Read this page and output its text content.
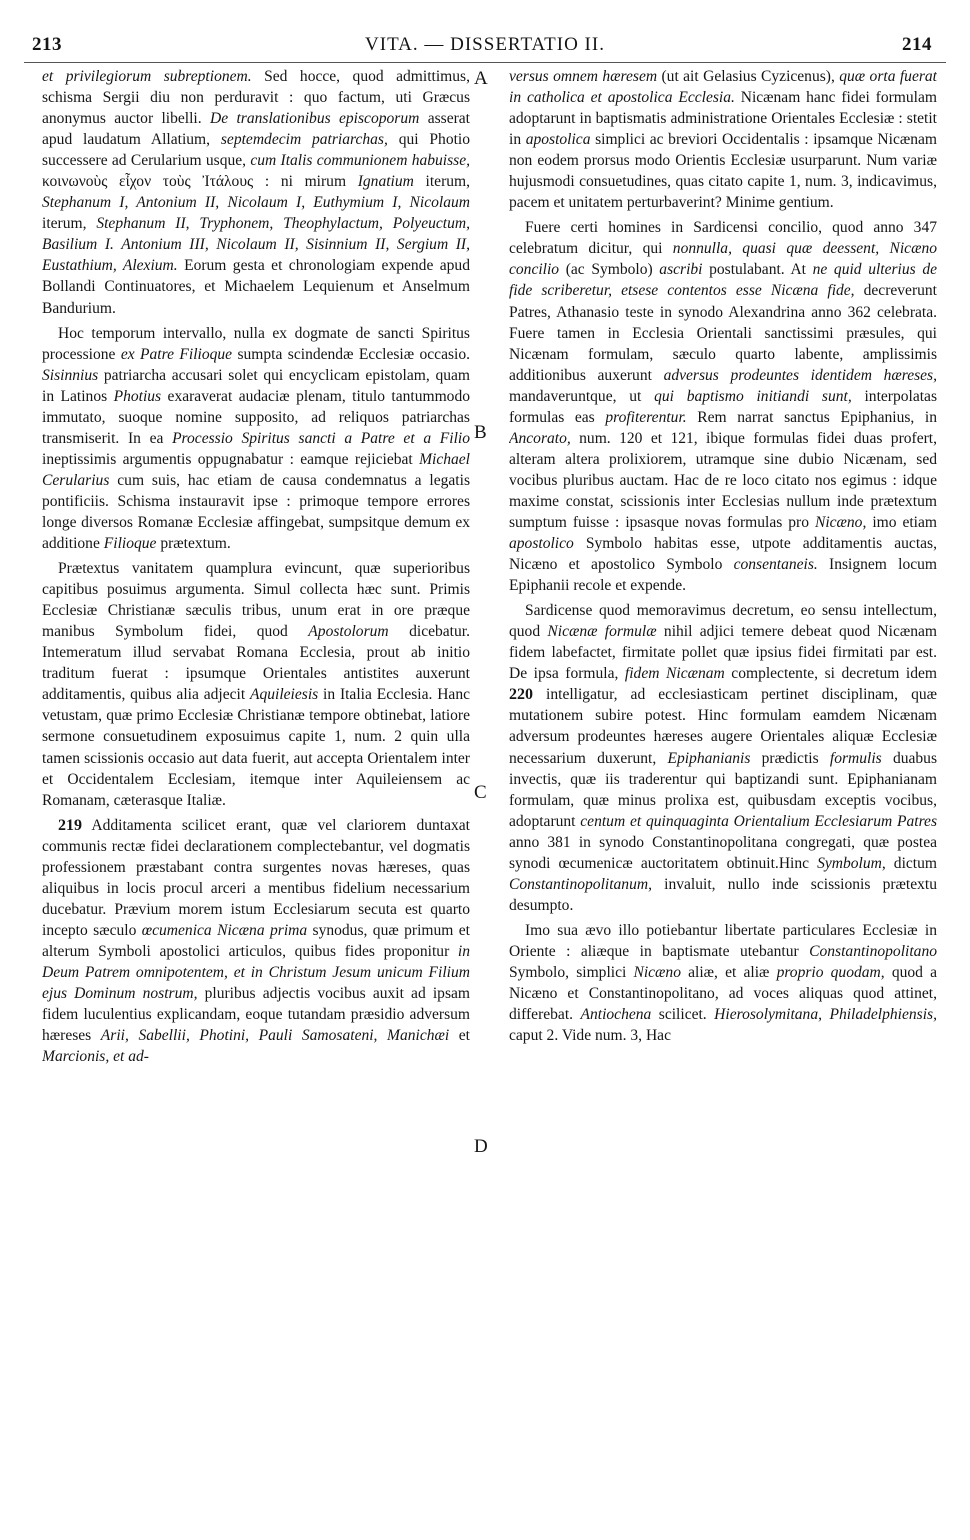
213	VITA. — DISSERTATIO II.	214
A
B
C
D

et privilegiorum subreptionem. Sed hocce, quod admittimus, schisma Sergii diu non perduravit : quo factum, uti Græcus anonymus auctor libelli. De translationibus episcoporum asserat apud laudatum Allatium, septemdecim patriarchas, qui Photio successere ad Cerularium usque, cum Italis communionem habuisse, κοινωνοὺς εἶχον τοὺς Ἰτάλους : ni mirum Ignatium iterum, Stephanum I, Antonium II, Nicolaum I, Euthymium I, Nicolaum iterum, Stephanum II, Tryphonem, Theophylactum, Polyeuctum, Basilium I. Antonium III, Nicolaum II, Sisinnium II, Sergium II, Eustathium, Alexium. Eorum gesta et chronologiam expende apud Bollandi Continuatores, et Michaelem Lequienum et Anselmum Bandurium.

Hoc temporum intervallo, nulla ex dogmate de sancti Spiritus processione ex Patre Filioque sumpta scindendæ Ecclesiæ occasio. Sisinnius patriarcha accusari solet qui encyclicam epistolam, quam in Latinos Photius exaraverat audaciæ plenam, titulo tantummodo immutato, suoque nomine supposito, ad reliquos patriarchas transmiserit. In ea Processio Spiritus sancti a Patre et a Filio ineptissimis argumentis oppugnabatur : eamque rejiciebat Michael Cerularius cum suis, hac etiam de causa condemnatus a legatis pontificiis. Schisma instauravit ipse : primoque tempore errores longe diversos Romanæ Ecclesiæ affingebat, sumpsitque demum ex additione Filioque prætextum.

Prætextus vanitatem quamplura evincunt, quæ superioribus capitibus posuimus argumenta. Simul collecta hæc sunt. Primis Ecclesiæ Christianæ sæculis tribus, unum erat in ore præque manibus Symbolum fidei, quod Apostolorum dicebatur. Intemeratum illud servabat Romana Ecclesia, prout ab initio traditum fuerat : ipsumque Orientales antistites auxerunt additamentis, quibus alia adjecit Aquileiesis in Italia Ecclesia. Hanc vetustam, quæ primo Ecclesiæ Christianæ tempore obtinebat, latiore sermone consuetudinem exposuimus capite 1, num. 2 quin ulla tamen scissionis occasio aut data fuerit, aut accepta Orientalem inter et Occidentalem Ecclesiam, itemque inter Aquileiensem ac Romanam, cæterasque Italiæ.

219 Additamenta scilicet erant, quæ vel clariorem duntaxat communis rectæ fidei declarationem complectebantur, vel dogmatis professionem præstabant contra surgentes novas hæreses, quas aliquibus in locis procul arceri a mentibus fidelium necessarium ducebatur. Prævium morem istum Ecclesiarum secuta est quarto incepto sæculo œcumenica Nicæna prima synodus, quæ primum et alterum Symboli apostolici articulos, quibus fides proponitur in Deum Patrem omnipotentem, et in Christum Jesum unicum Filium ejus Dominum nostrum, pluribus adjectis vocibus auxit ad ipsam fidem luculentius explicandam, eoque tutandam præsidio adversum hæreses Arii, Sabellii, Photini, Pauli Samosateni, Manichæi et Marcionis, et ad-

versus omnem hæresem (ut ait Gelasius Cyzicenus), quæ orta fuerat in catholica et apostolica Ecclesia. Nicænam hanc fidei formulam adoptarunt in baptismatis administratione Orientales Ecclesiæ : stetit in apostolica simplici ac breviori Occidentalis : ipsamque Nicænam non eodem prorsus modo Orientis Ecclesiæ usurparunt. Num variæ hujusmodi consuetudines, quas citato capite 1, num. 3, indicavimus, pacem et unitatem perturbaverint? Minime gentium.

Fuere certi homines in Sardicensi concilio, quod anno 347 celebratum dicitur, qui nonnulla, quasi quæ deessent, Nicæno concilio (ac Symbolo) ascribi postulabant. At ne quid ulterius de fide scriberetur, etsese contentos esse Nicæna fide, decreverunt Patres, Athanasio teste in synodo Alexandrina anno 362 celebrata. Fuere tamen in Ecclesia Orientali sanctissimi præsules, qui Nicænam formulam, sæculo quarto labente, amplissimis additionibus auxerunt adversus prodeuntes identidem hæreses, mandaveruntque, ut qui baptismo initiandi sunt, interpolatas formulas eas profiterentur. Rem narrat sanctus Epiphanius, in Ancorato, num. 120 et 121, ibique formulas fidei duas profert, alteram altera prolixiorem, utramque sine dubio Nicænam, sed vocibus pluribus auctam. Hac de re loco citato nos egimus : idque maxime constat, scissionis inter Ecclesias nullum inde prætextum sumptum fuisse : ipsasque novas formulas pro Nicæno, imo etiam apostolico Symbolo habitas esse, utpote additamentis auctas, Nicæno et apostolico Symbolo consentaneis. Insignem locum Epiphanii recole et expende.

Sardicense quod memoravimus decretum, eo sensu intellectum, quod Nicænæ formulæ nihil adjici temere debeat quod Nicænam fidem labefactet, firmitate pollet quæ ipsius fidei firmitati par est. De ipsa formula, fidem Nicænam complectente, si decretum idem 220 intelligatur, ad ecclesiasticam pertinet disciplinam, quæ mutationem subire potest. Hinc formulam eamdem Nicænam adversum prodeuntes hæreses augere Orientales aliquæ Ecclesiæ necessarium duxerunt, Epiphanianis prædictis formulis duabus invectis, quæ iis traderentur qui baptizandi sunt. Epiphanianam formulam, quæ minus prolixa est, quibusdam exceptis vocibus, adoptarunt centum et quinquaginta Orientalium Ecclesiarum Patres anno 381 in synodo Constantinopolitana congregati, quæ postea synodi œcumenicæ auctoritatem obtinuit.Hinc Symbolum, dictum Constantinopolitanum, invaluit, nullo inde scissionis prætextu desumpto.

Imo sua ævo illo potiebantur libertate particulares Ecclesiæ in Oriente : aliæque in baptismate utebantur Constantinopolitano Symbolo, simplici Nicæno aliæ, et aliæ proprio quodam, quod a Nicæno et Constantinopolitano, ad voces aliquas quod attinet, differebat. Antiochena scilicet. Hierosolymitana, Philadelphiensis, caput 2. Vide num. 3, Hac
